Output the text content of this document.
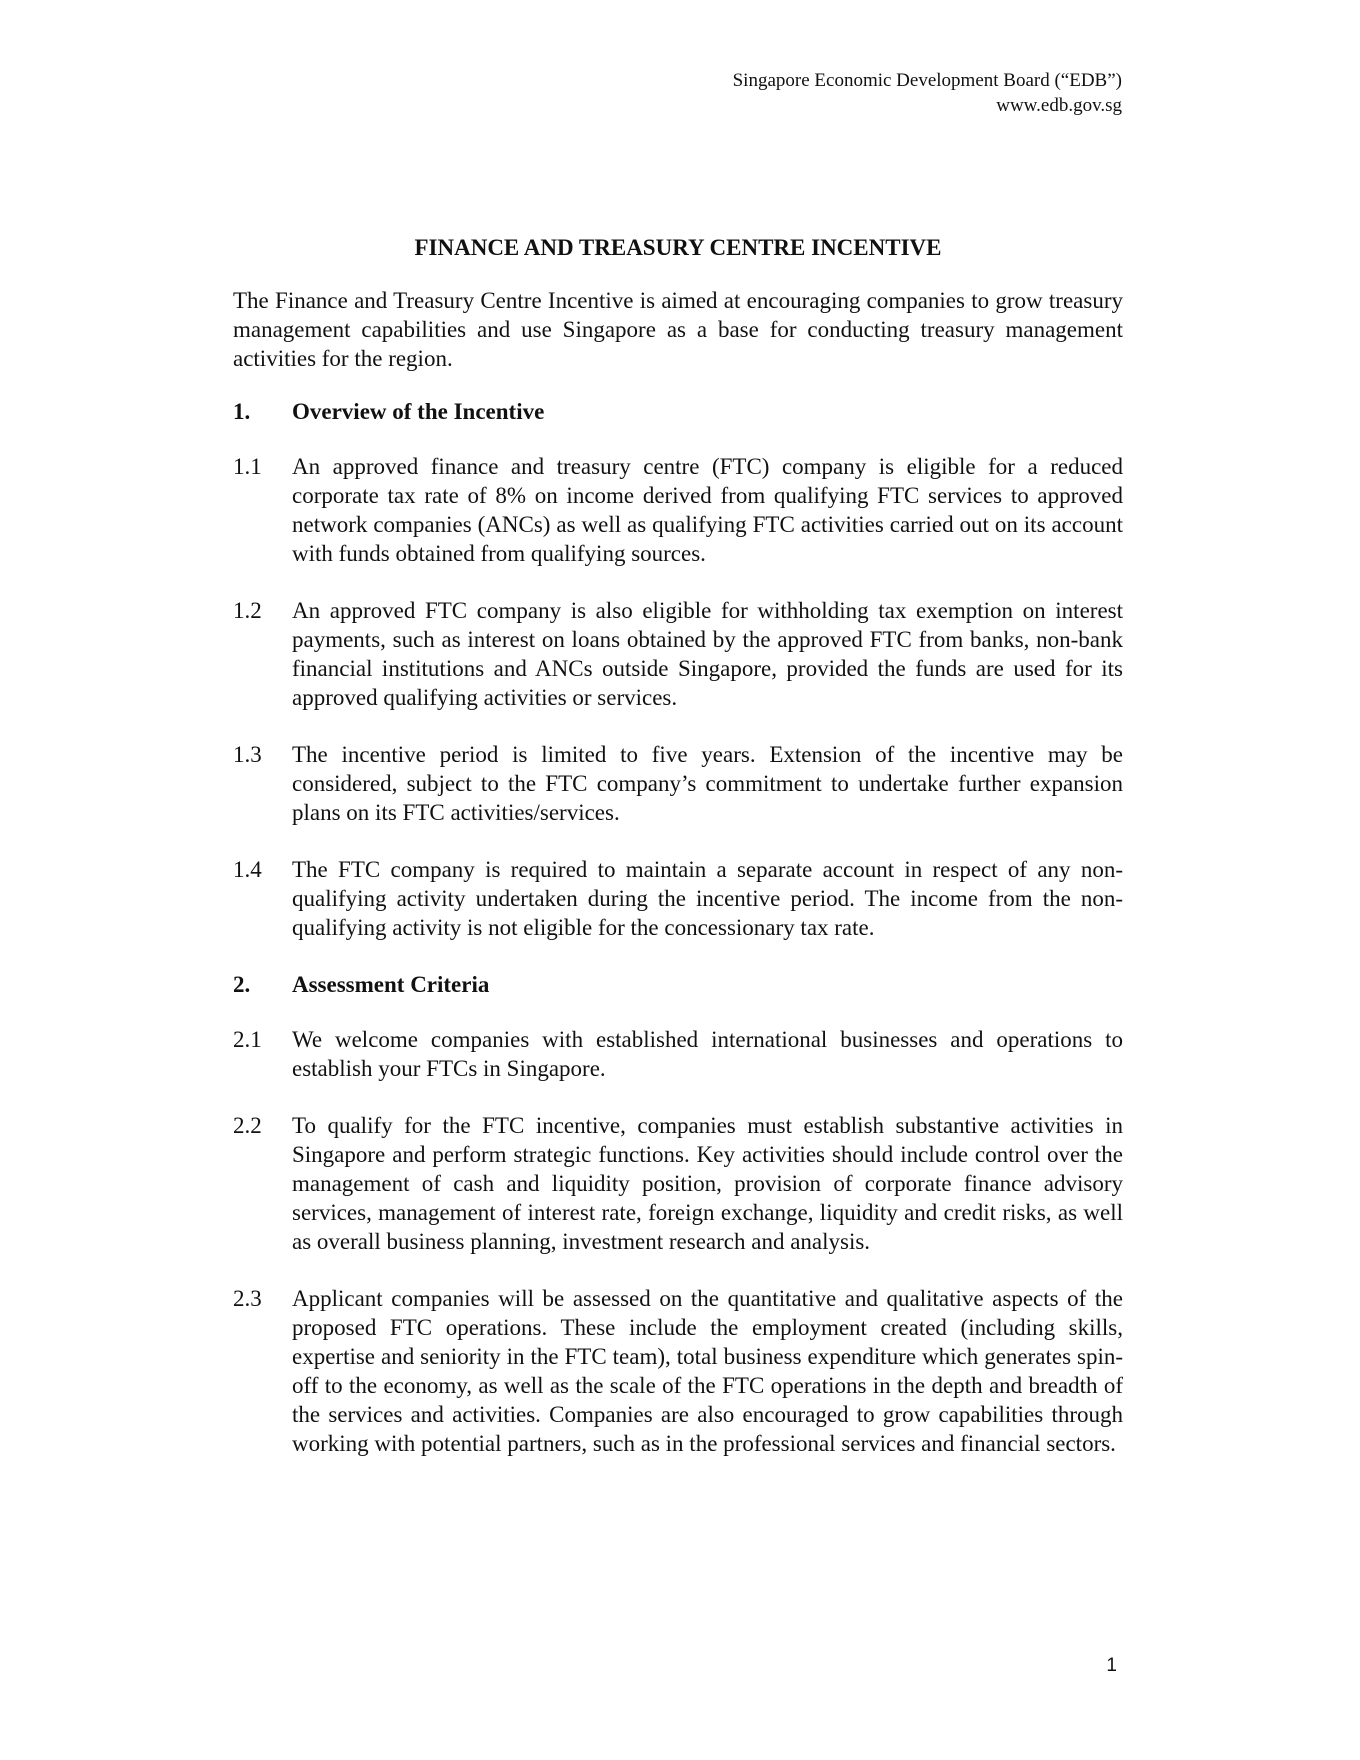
Singapore Economic Development Board (“EDB”)
www.edb.gov.sg
FINANCE AND TREASURY CENTRE INCENTIVE
The Finance and Treasury Centre Incentive is aimed at encouraging companies to grow treasury management capabilities and use Singapore as a base for conducting treasury management activities for the region.
1.	Overview of the Incentive
1.1	An approved finance and treasury centre (FTC) company is eligible for a reduced corporate tax rate of 8% on income derived from qualifying FTC services to approved network companies (ANCs) as well as qualifying FTC activities carried out on its account with funds obtained from qualifying sources.
1.2	An approved FTC company is also eligible for withholding tax exemption on interest payments, such as interest on loans obtained by the approved FTC from banks, non-bank financial institutions and ANCs outside Singapore, provided the funds are used for its approved qualifying activities or services.
1.3	The incentive period is limited to five years. Extension of the incentive may be considered, subject to the FTC company’s commitment to undertake further expansion plans on its FTC activities/services.
1.4	The FTC company is required to maintain a separate account in respect of any non-qualifying activity undertaken during the incentive period. The income from the non-qualifying activity is not eligible for the concessionary tax rate.
2.	Assessment Criteria
2.1	We welcome companies with established international businesses and operations to establish your FTCs in Singapore.
2.2	To qualify for the FTC incentive, companies must establish substantive activities in Singapore and perform strategic functions. Key activities should include control over the management of cash and liquidity position, provision of corporate finance advisory services, management of interest rate, foreign exchange, liquidity and credit risks, as well as overall business planning, investment research and analysis.
2.3	Applicant companies will be assessed on the quantitative and qualitative aspects of the proposed FTC operations. These include the employment created (including skills, expertise and seniority in the FTC team), total business expenditure which generates spin-off to the economy, as well as the scale of the FTC operations in the depth and breadth of the services and activities. Companies are also encouraged to grow capabilities through working with potential partners, such as in the professional services and financial sectors.
1
